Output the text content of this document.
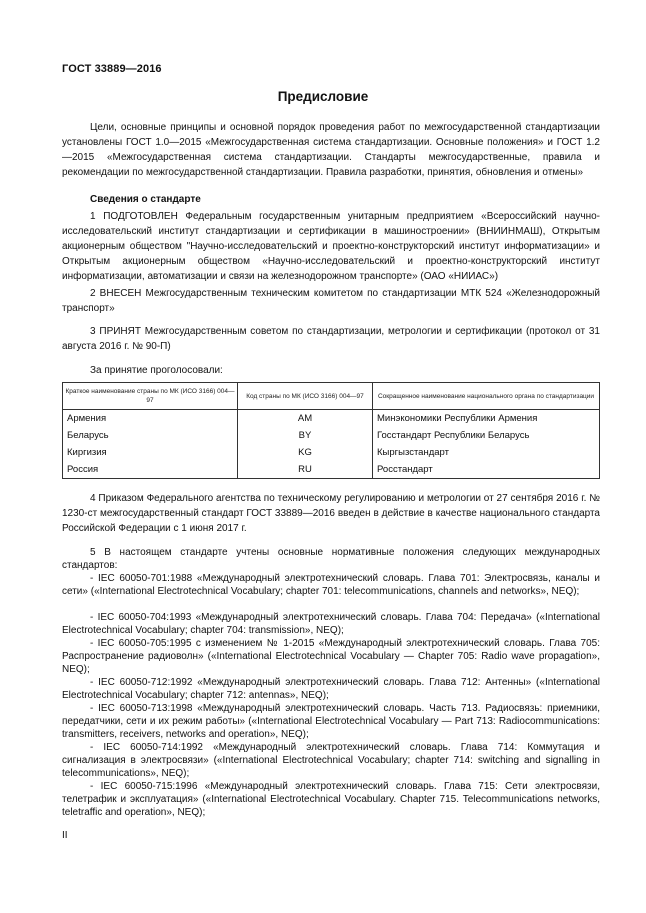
ГОСТ 33889—2016
Предисловие
Цели, основные принципы и основной порядок проведения работ по межгосударственной стандартизации установлены ГОСТ 1.0—2015 «Межгосударственная система стандартизации. Основные положения» и ГОСТ 1.2—2015 «Межгосударственная система стандартизации. Стандарты межгосударственные, правила и рекомендации по межгосударственной стандартизации. Правила разработки, принятия, обновления и отмены»
Сведения о стандарте
1 ПОДГОТОВЛЕН Федеральным государственным унитарным предприятием «Всероссийский научно-исследовательский институт стандартизации и сертификации в машиностроении» (ВНИИНМАШ), Открытым акционерным обществом "Научно-исследовательский и проектно-конструкторский институт информатизации» и Открытым акционерным обществом «Научно-исследовательский и проектно-конструкторский институт информатизации, автоматизации и связи на железнодорожном транспорте» (ОАО «НИИАС»)
2 ВНЕСЕН Межгосударственным техническим комитетом по стандартизации МТК 524 «Железнодорожный транспорт»
3 ПРИНЯТ Межгосударственным советом по стандартизации, метрологии и сертификации (протокол от 31 августа 2016 г. № 90-П)
За принятие проголосовали:
Краткое наименование страны по МК (ИСО 3166) 004—97	Код страны по МК (ИСО 3166) 004—97	Сокращенное наименование национального органа по стандартизации
Армения	AM	Минэкономики Республики Армения
Беларусь	BY	Госстандарт Республики Беларусь
Киргизия	KG	Кыргызстандарт
Россия	RU	Росстандарт
4 Приказом Федерального агентства по техническому регулированию и метрологии от 27 сентября 2016 г. № 1230-ст межгосударственный стандарт ГОСТ 33889—2016 введен в действие в качестве национального стандарта Российской Федерации с 1 июня 2017 г.
5 В настоящем стандарте учтены основные нормативные положения следующих международных стандартов:
- IEC 60050-701:1988 «Международный электротехнический словарь. Глава 701: Электросвязь, каналы и сети» («International Electrotechnical Vocabulary; chapter 701: telecommunications, channels and networks», NEQ);
- IEC 60050-704:1993 «Международный электротехнический словарь. Глава 704: Передача» («International Electrotechnical Vocabulary; chapter 704: transmission», NEQ);
- IEC 60050-705:1995 с изменением № 1-2015 «Международный электротехнический словарь. Глава 705: Распространение радиоволн» («International Electrotechnical Vocabulary — Chapter 705: Radio wave propagation», NEQ);
- IEC 60050-712:1992 «Международный электротехнический словарь. Глава 712: Антенны» («International Electrotechnical Vocabulary; chapter 712: antennas», NEQ);
- IEC 60050-713:1998 «Международный электротехнический словарь. Часть 713. Радиосвязь: приемники, передатчики, сети и их режим работы» («International Electrotechnical Vocabulary — Part 713: Radiocommunications: transmitters, receivers, networks and operation», NEQ);
- IEC 60050-714:1992 «Международный электротехнический словарь. Глава 714: Коммутация и сигнализация в электросвязи» («International Electrotechnical Vocabulary; chapter 714: switching and signalling in telecommunications», NEQ);
- IEC 60050-715:1996 «Международный электротехнический словарь. Глава 715: Сети электросвязи, телетрафик и эксплуатация» («International Electrotechnical Vocabulary. Chapter 715. Telecommunications networks, teletraffic and operation», NEQ);
II
